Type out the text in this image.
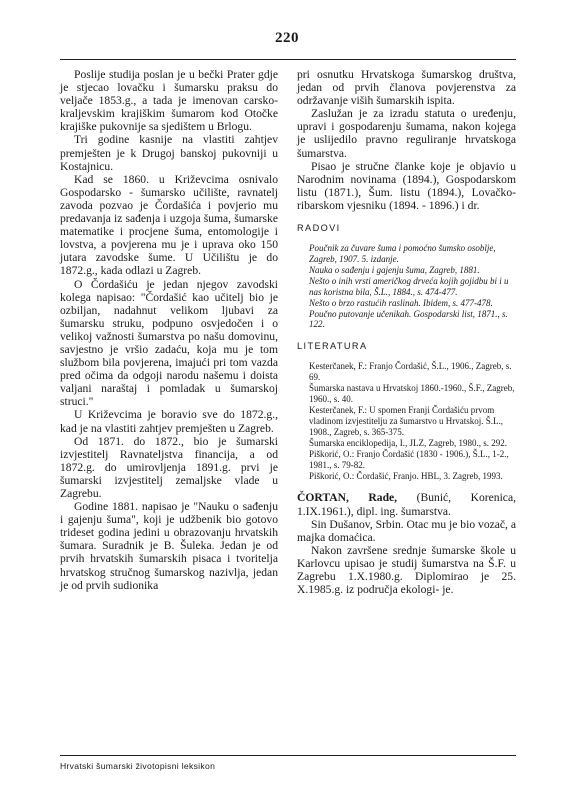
220

Poslije studija poslan je u bečki Prater gdje je stjecao lovačku i šumarsku praksu do veljače 1853.g., a tada je imenovan carsko-kraljevskim krajiškim šumarom kod Otočke krajiške pukovnije sa sjedištem u Brlogu.

Tri godine kasnije na vlastiti zahtjev premješten je k Drugoj banskoj pukovniji u Kostajnicu.

Kad se 1860. u Križevcima osnivalo Gospodarsko - šumarsko učilište, ravnatelj zavoda pozvao je Čordašića i povjerio mu predavanja iz sađenja i uzgoja šuma, šumarske matematike i procjene šuma, entomologije i lovstva, a povjerena mu je i uprava oko 150 jutara zavodske šume. U Učilištu je do 1872.g., kada odlazi u Zagreb.

O Čordašiću je jedan njegov zavodski kolega napisao: "Čordašić kao učitelj bio je ozbiljan, nadahnut velikom ljubavi za šumarsku struku, podpuno osvjedočen i o velikoj važnosti šumarstva po našu domovinu, savjestno je vršio zadaću, koja mu je tom službom bila povjerena, imajući pri tom vazda pred očima da odgoji narodu našemu i doista valjani naraštaj i pomladak u šumarskoj struci."

U Križevcima je boravio sve do 1872.g., kad je na vlastiti zahtjev premješten u Zagreb.

Od 1871. do 1872., bio je šumarski izvjestitelj Ravnateljstva financija, a od 1872.g. do umirovljenja 1891.g. prvi je šumarski izvjestitelj zemaljske vlade u Zagrebu.

Godine 1881. napisao je "Nauku o sađenju i gajenju šuma", koji je udžbenik bio gotovo trideset godina jedini u obrazovanju hrvatskih šumara. Suradnik je B. Šuleka. Jedan je od prvih hrvatskih šumarskih pisaca i tvoritelja hrvatskog stručnog šumarskog nazivlja, jedan je od prvih sudionika

pri osnutku Hrvatskoga šumarskog društva, jedan od prvih članova povjerenstva za održavanje viših šumarskih ispita.

Zaslužan je za izradu statuta o uređenju, upravi i gospodarenju šumama, nakon kojega je uslijedilo pravno reguliranje hrvatskoga šumarstva.

Pisao je stručne članke koje je objavio u Narodnim novinama (1894.), Gospodarskom listu (1871.), Šum. listu (1894.), Lovačko-ribarskom vjesniku (1894. - 1896.) i dr.

RADOVI
Poučnik za čuvare šuma i pomoćno šumsko osoblje, Zagreb, 1907. 5. izdanje.
Nauka o sađenju i gajenju šuma, Zagreb, 1881.
Nešto o inih vrsti američkog drveća kojih gojidbu bi i u nas koristna bila, Š.L., 1884., s. 474-477.
Nešto o brzo rastućih raslinah. Ibidem, s. 477-478.
Poučno putovanje učenikah. Gospodarski list, 1871., s. 122.
LITERATURA
Kesterčanek, F.: Franjo Čordašić, Š.L., 1906., Zagreb, s. 69.
Šumarska nastava u Hrvatskoj 1860.-1960., Š.F., Zagreb, 1960., s. 40.
Kesterčanek, F.: U spomen Franji Čordašiću prvom vladinom izvjestitelju za šumarstvo u Hrvatskoj. Š.L., 1908., Zagreb, s. 365-375.
Šumarska enciklopedija, I., JLZ, Zagreb, 1980., s. 292.
Piškorić, O.: Franjo Čordašić (1830 - 1906.), Š.L., 1-2., 1981., s. 79-82.
Piškorić, O.: Čordašić, Franjo. HBL, 3. Zagreb, 1993.

ČORTAN, Rade, (Bunić, Korenica, 1.IX.1961.), dipl. ing. šumarstva.

Sin Dušanov, Srbin. Otac mu je bio vozač, a majka domaćica.

Nakon završene srednje šumarske škole u Karlovcu upisao je studij šumarstva na Š.F. u Zagrebu 1.X.1980.g. Diplomirao je 25. X.1985.g. iz područja ekologi- je.

Hrvatski šumarski životopisni leksikon
